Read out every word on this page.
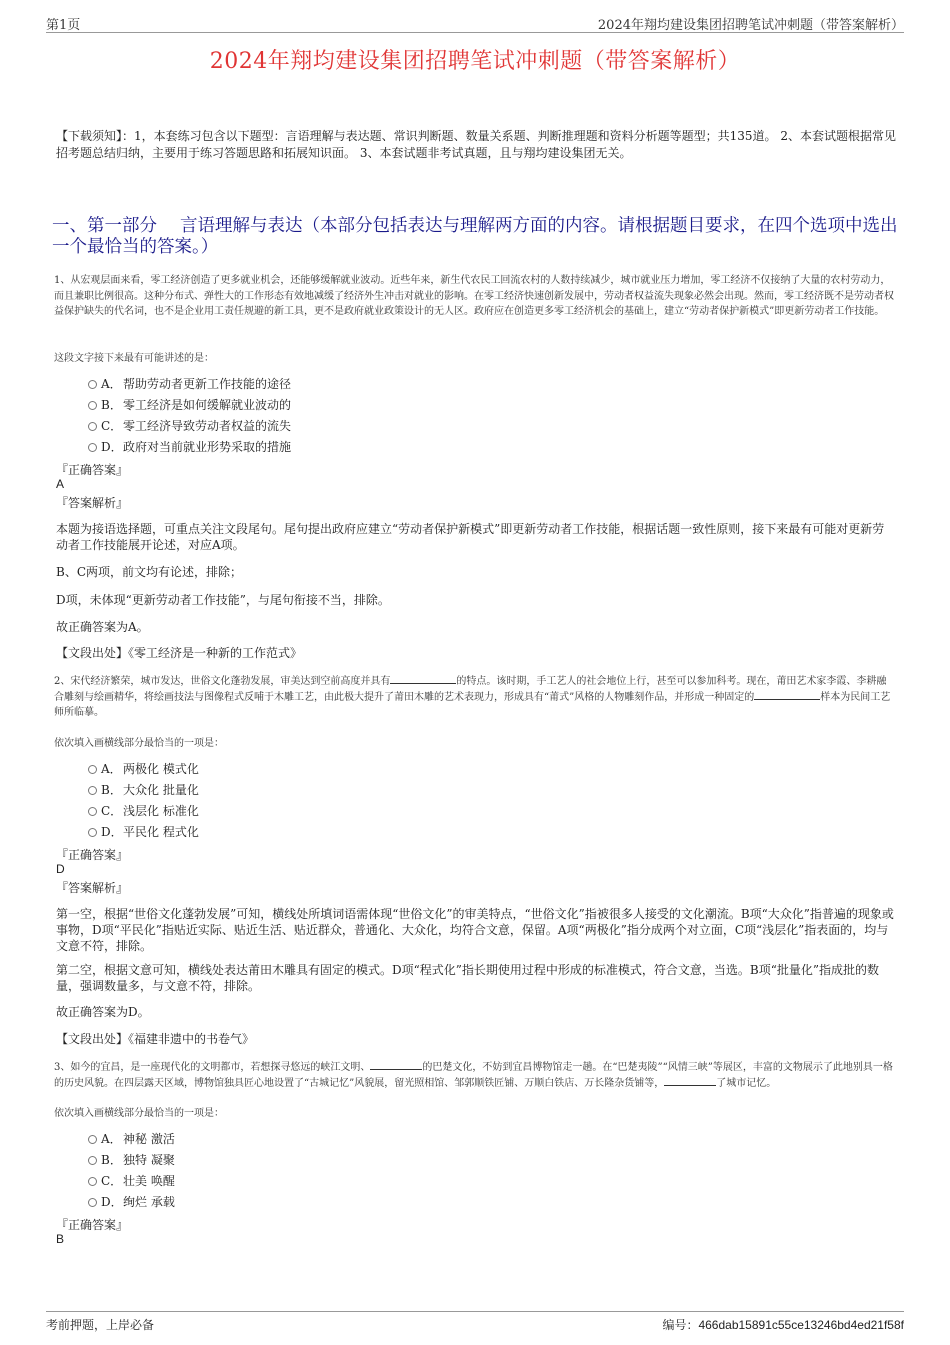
第1页	2024年翔均建设集团招聘笔试冲刺题（带答案解析）
2024年翔均建设集团招聘笔试冲刺题（带答案解析）
【下载须知】：1，本套练习包含以下题型：言语理解与表达题、常识判断题、数量关系题、判断推理题和资料分析题等题型；共135道。 2、本套试题根据常见招考题总结归纳，主要用于练习答题思路和拓展知识面。 3、本套试题非考试真题，且与翔均建设集团无关。
一、第一部分　 言语理解与表达（本部分包括表达与理解两方面的内容。请根据题目要求，在四个选项中选出一个最恰当的答案。）
1、从宏观层面来看，零工经济创造了更多就业机会，还能够缓解就业波动。近些年来，新生代农民工回流农村的人数持续减少，城市就业压力增加，零工经济不仅接纳了大量的农村劳动力，而且兼职比例很高。这种分布式、弹性大的工作形态有效地减缓了经济外生冲击对就业的影响。在零工经济快速创新发展中，劳动者权益流失现象必然会出现。然而，零工经济既不是劳动者权益保护缺失的代名词，也不是企业用工责任规避的新工具，更不是政府就业政策设计的无人区。政府应在创造更多零工经济机会的基础上，建立“劳动者保护新模式”即更新劳动者工作技能。
这段文字接下来最有可能讲述的是：
A．帮助劳动者更新工作技能的途径
B．零工经济是如何缓解就业波动的
C．零工经济导致劳动者权益的流失
D．政府对当前就业形势采取的措施
『正确答案』
A
『答案解析』
本题为接语选择题，可重点关注文段尾句。尾句提出政府应建立“劳动者保护新模式”即更新劳动者工作技能，根据话题一致性原则，接下来最有可能对更新劳动者工作技能展开论述，对应A项。
B、C两项，前文均有论述，排除；
D项，未体现“更新劳动者工作技能”，与尾句衔接不当，排除。
故正确答案为A。
【文段出处】《零工经济是一种新的工作范式》
2、宋代经济繁荣，城市发达，世俗文化蓬勃发展，审美达到空前高度并具有	的特点。该时期，手工艺人的社会地位上行，甚至可以参加科考。现在，莆田艺术家李霞、李耕融合雕刻与绘画精华，将绘画技法与图像程式反哺于木雕工艺，由此极大提升了莆田木雕的艺术表现力，形成具有“莆式”风格的人物雕刻作品，并形成一种固定的	样本为民间工艺师所临摹。
依次填入画横线部分最恰当的一项是：
A．两极化 模式化
B．大众化 批量化
C．浅层化 标准化
D．平民化 程式化
『正确答案』
D
『答案解析』
第一空，根据“世俗文化蓬勃发展”可知，横线处所填词语需体现“世俗文化”的审美特点，“世俗文化”指被很多人接受的文化潮流。B项“大众化”指普遍的现象或事物，D项“平民化”指贴近实际、贴近生活、贴近群众，普通化、大众化，均符合文意，保留。A项“两极化”指分成两个对立面，C项“浅层化”指表面的，均与文意不符，排除。
第二空，根据文意可知，横线处表达莆田木雕具有固定的模式。D项“程式化”指长期使用过程中形成的标准模式，符合文意，当选。B项“批量化”指成批的数量，强调数量多，与文意不符，排除。
故正确答案为D。
【文段出处】《福建非遗中的书卷气》
3、如今的宜昌，是一座现代化的文明都市，若想探寻悠远的峡江文明、	的巴楚文化，不妨到宜昌博物馆走一趟。在“巴楚夷陵”“风情三峡”等展区，丰富的文物展示了此地别具一格的历史风貌。在四层露天区域，博物馆独具匠心地设置了“古城记忆”风貌展，留光照相馆、邹郭顺铁匠铺、万顺白铁店、万长隆杂货铺等，	了城市记忆。
依次填入画横线部分最恰当的一项是：
A．神秘 激活
B．独特 凝聚
C．壮美 唤醒
D．绚烂 承载
『正确答案』
B
考前押题，上岸必备	编号：466dab15891c55ce13246bd4ed21f58f
